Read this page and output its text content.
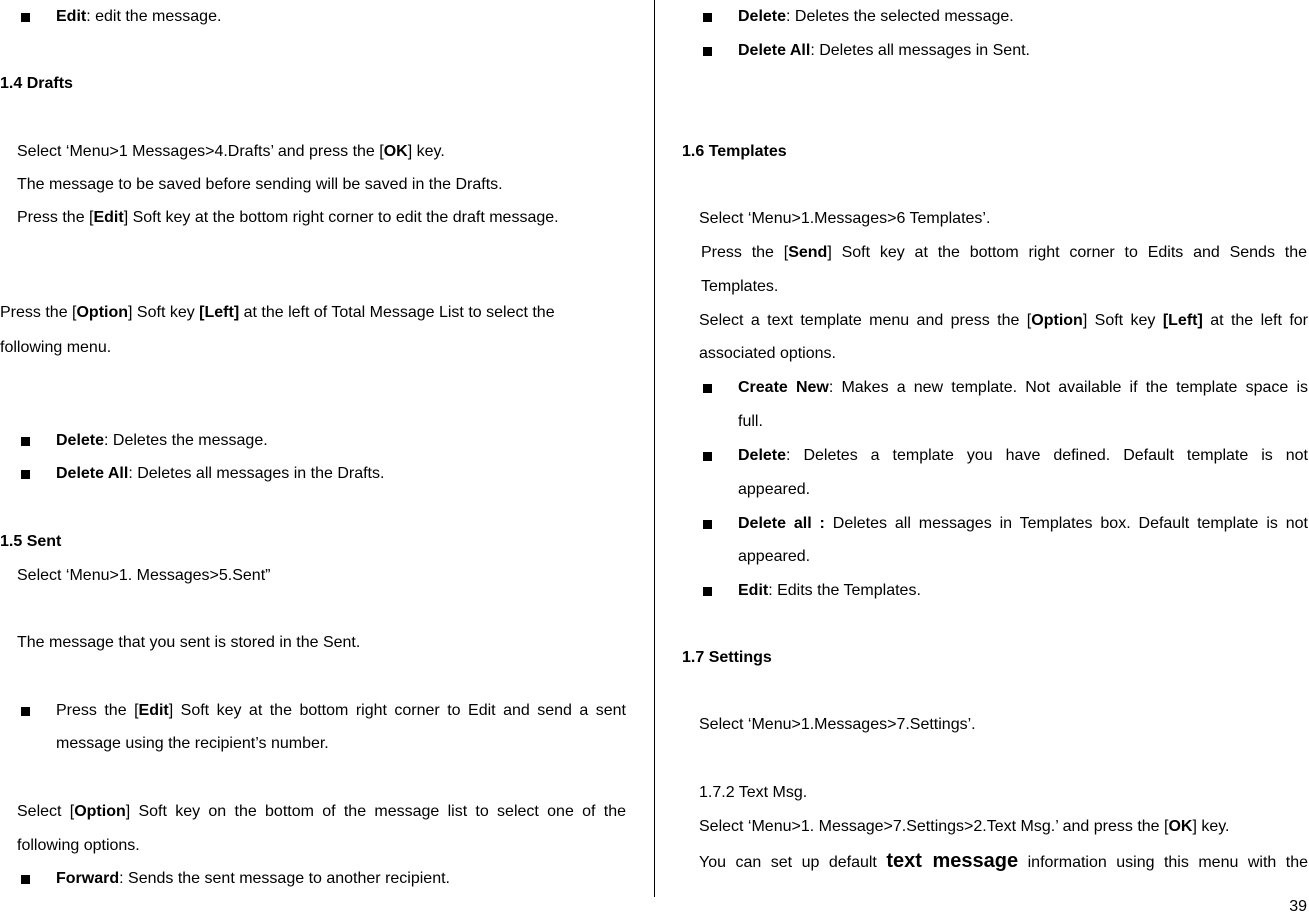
Edit: edit the message.
1.4 Drafts
Select ‘Menu>1 Messages>4.Drafts’ and press the [OK] key.
The message to be saved before sending will be saved in the Drafts.
Press the [Edit] Soft key at the bottom right corner to edit the draft message.
Press the [Option] Soft key [Left] at the left of Total Message List to select the
following menu.
Delete: Deletes the message.
Delete All: Deletes all messages in the Drafts.
1.5 Sent
Select ‘Menu>1. Messages>5.Sent”
The message that you sent is stored in the Sent.
Press the [Edit] Soft key at the bottom right corner to Edit and send a sent
message using the recipient’s number.
Select [Option] Soft key on the bottom of the message list to select one of the
following options.
Forward: Sends the sent message to another recipient.
Delete: Deletes the selected message.
Delete All: Deletes all messages in Sent.
1.6 Templates
Select ‘Menu>1.Messages>6 Templates’.
Press the [Send] Soft key at the bottom right corner to Edits and Sends the
Templates.
Select a text template menu and press the [Option] Soft key [Left] at the left for
associated options.
Create New: Makes a new template. Not available if the template space is
full.
Delete: Deletes a template you have defined. Default template is not
appeared.
Delete all : Deletes all messages in Templates box. Default template is not
appeared.
Edit: Edits the Templates.
1.7 Settings
Select ‘Menu>1.Messages>7.Settings’.
1.7.2 Text Msg.
Select ‘Menu>1. Message>7.Settings>2.Text Msg.’ and press the [OK] key.
You can set up default text message information using this menu with the
39
